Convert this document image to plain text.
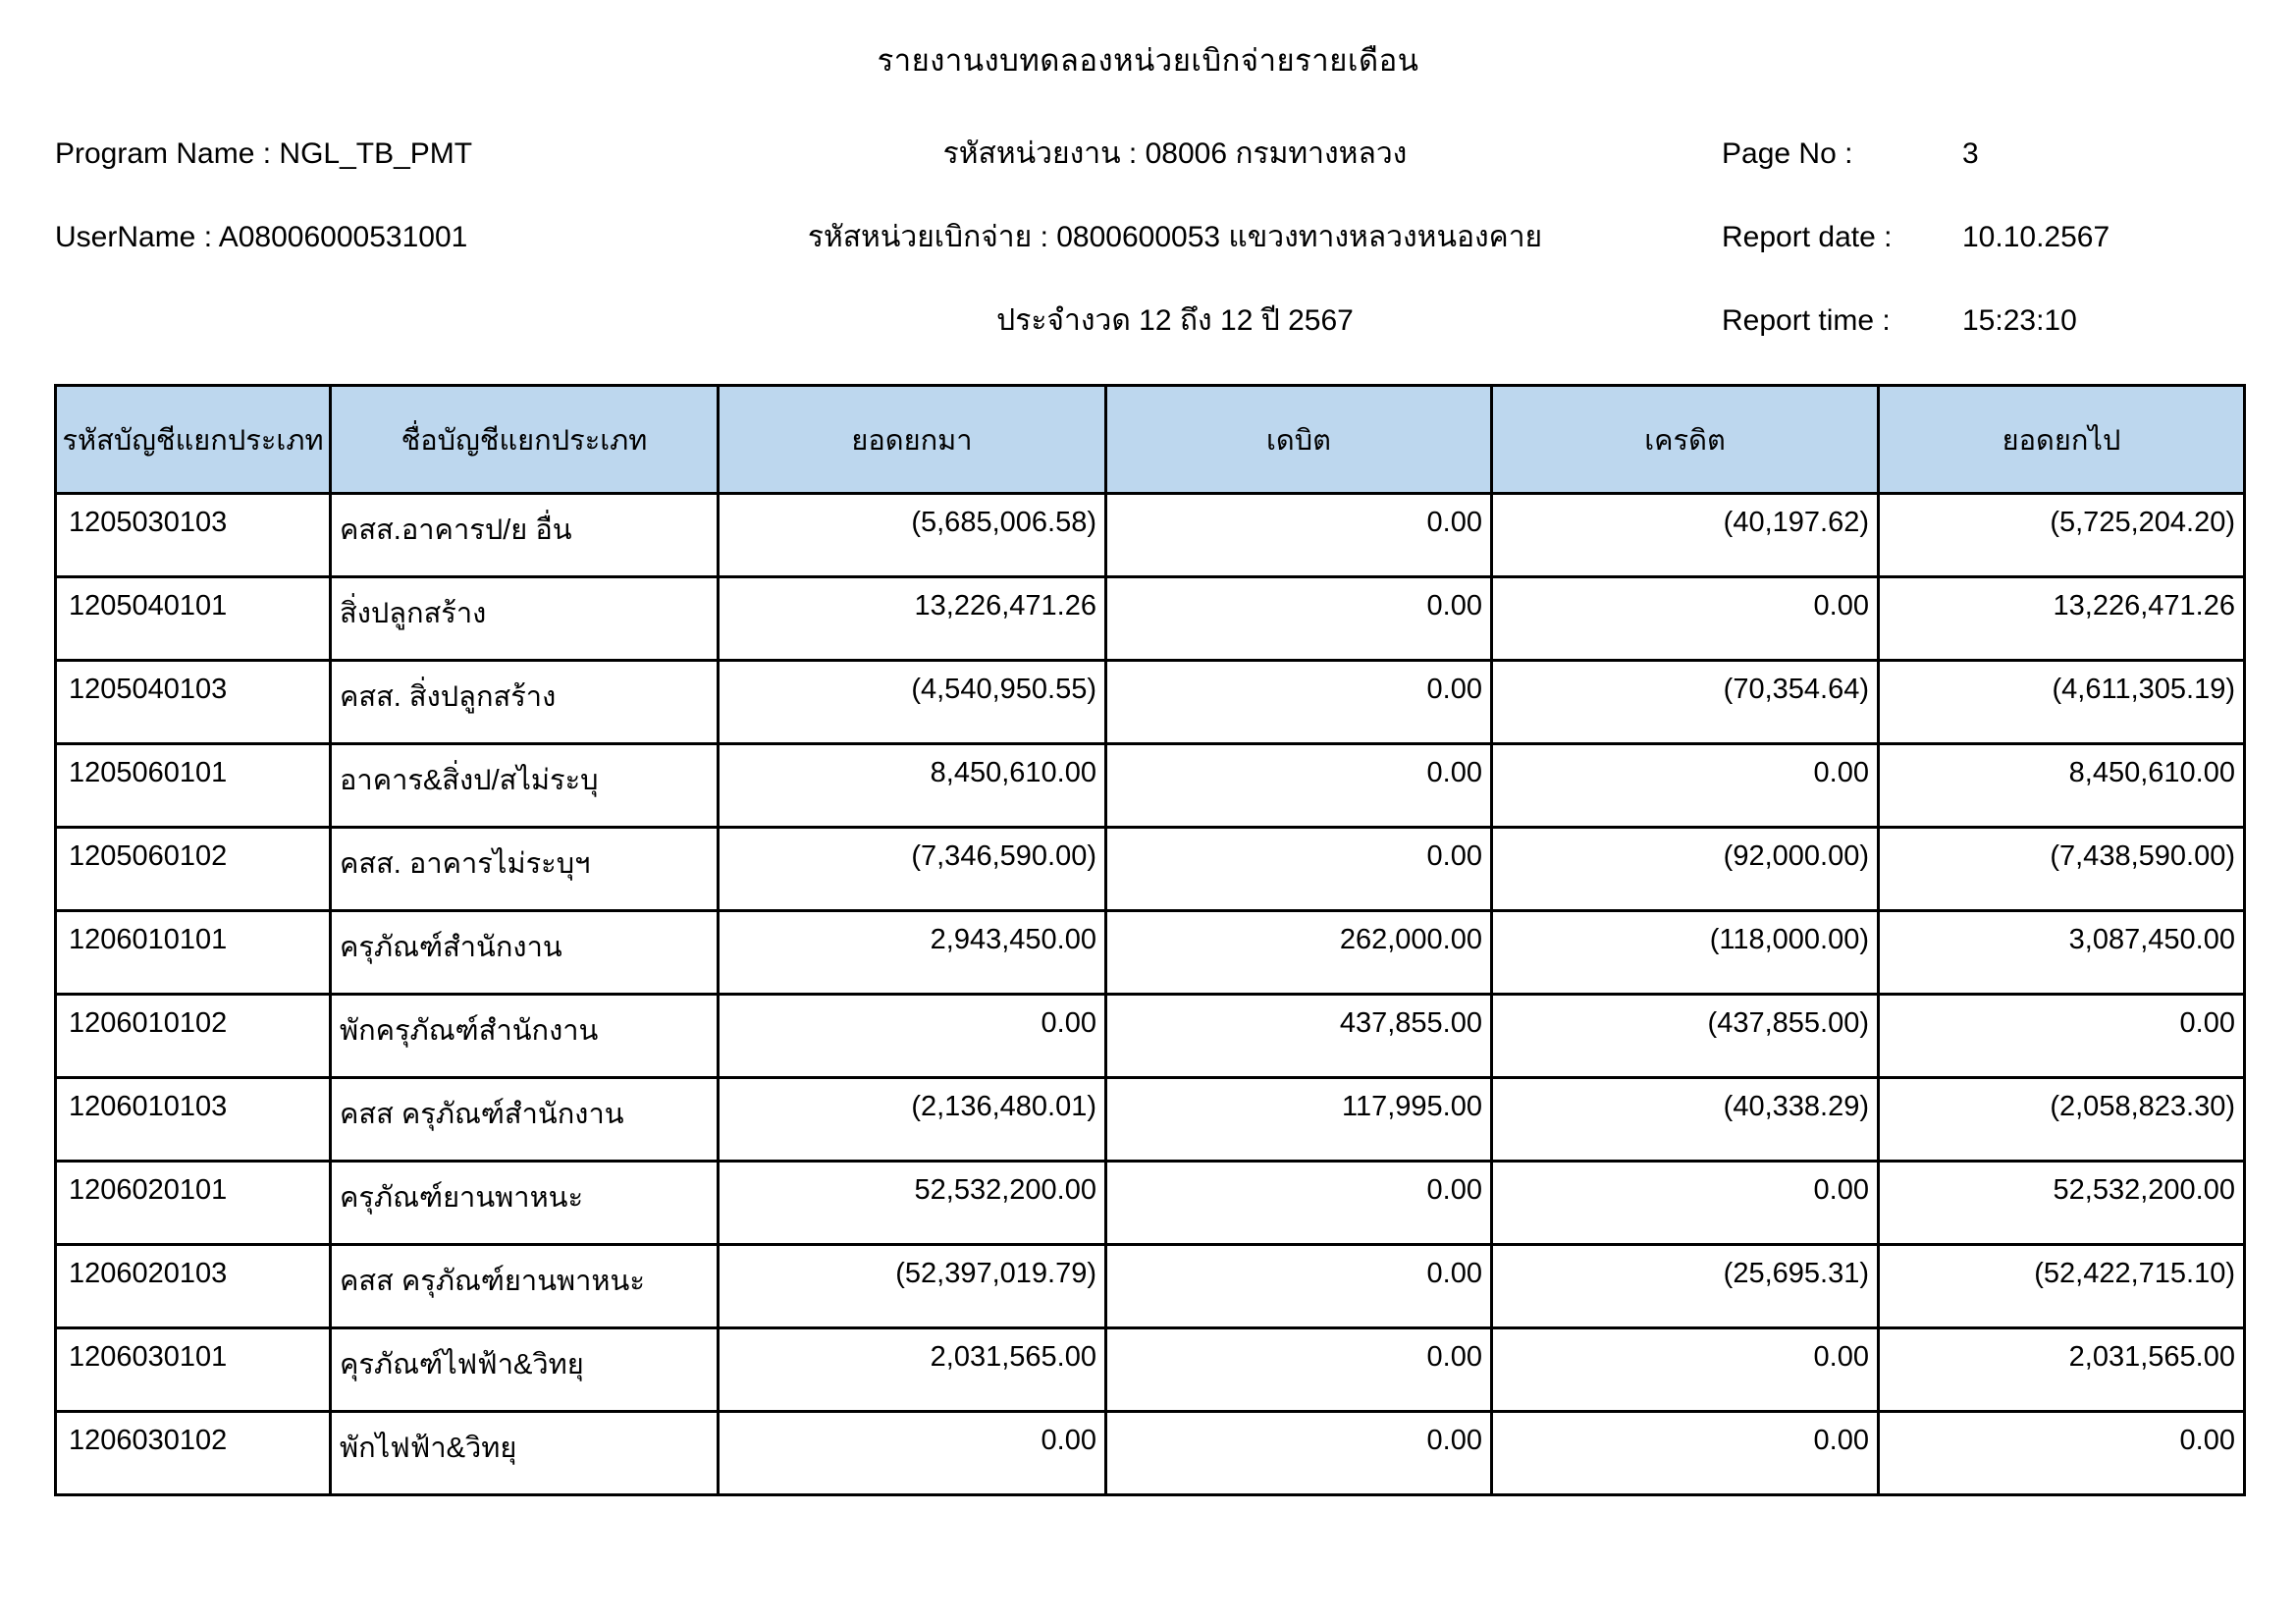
รายงานงบทดลองหน่วยเบิกจ่ายรายเดือน
Program Name : NGL_TB_PMT	รหัสหน่วยงาน : 08006 กรมทางหลวง	Page No :	3
UserName : A08006000531001	รหัสหน่วยเบิกจ่าย : 0800600053 แขวงทางหลวงหนองคาย	Report date :	10.10.2567
ประจำงวด 12 ถึง 12 ปี 2567	Report time :	15:23:10
รหัสบัญชีแยกประเภท	ชื่อบัญชีแยกประเภท	ยอดยกมา	เดบิต	เครดิต	ยอดยกไป
1205030103	คสส.อาคารป/ย อื่น	(5,685,006.58)	0.00	(40,197.62)	(5,725,204.20)
1205040101	สิ่งปลูกสร้าง	13,226,471.26	0.00	0.00	13,226,471.26
1205040103	คสส. สิ่งปลูกสร้าง	(4,540,950.55)	0.00	(70,354.64)	(4,611,305.19)
1205060101	อาคาร&สิ่งป/สไม่ระบุ	8,450,610.00	0.00	0.00	8,450,610.00
1205060102	คสส. อาคารไม่ระบุฯ	(7,346,590.00)	0.00	(92,000.00)	(7,438,590.00)
1206010101	ครุภัณฑ์สำนักงาน	2,943,450.00	262,000.00	(118,000.00)	3,087,450.00
1206010102	พักครุภัณฑ์สำนักงาน	0.00	437,855.00	(437,855.00)	0.00
1206010103	คสส ครุภัณฑ์สำนักงาน	(2,136,480.01)	117,995.00	(40,338.29)	(2,058,823.30)
1206020101	ครุภัณฑ์ยานพาหนะ	52,532,200.00	0.00	0.00	52,532,200.00
1206020103	คสส ครุภัณฑ์ยานพาหนะ	(52,397,019.79)	0.00	(25,695.31)	(52,422,715.10)
1206030101	คุรภัณฑ์ไฟฟ้า&วิทยุ	2,031,565.00	0.00	0.00	2,031,565.00
1206030102	พักไฟฟ้า&วิทยุ	0.00	0.00	0.00	0.00
